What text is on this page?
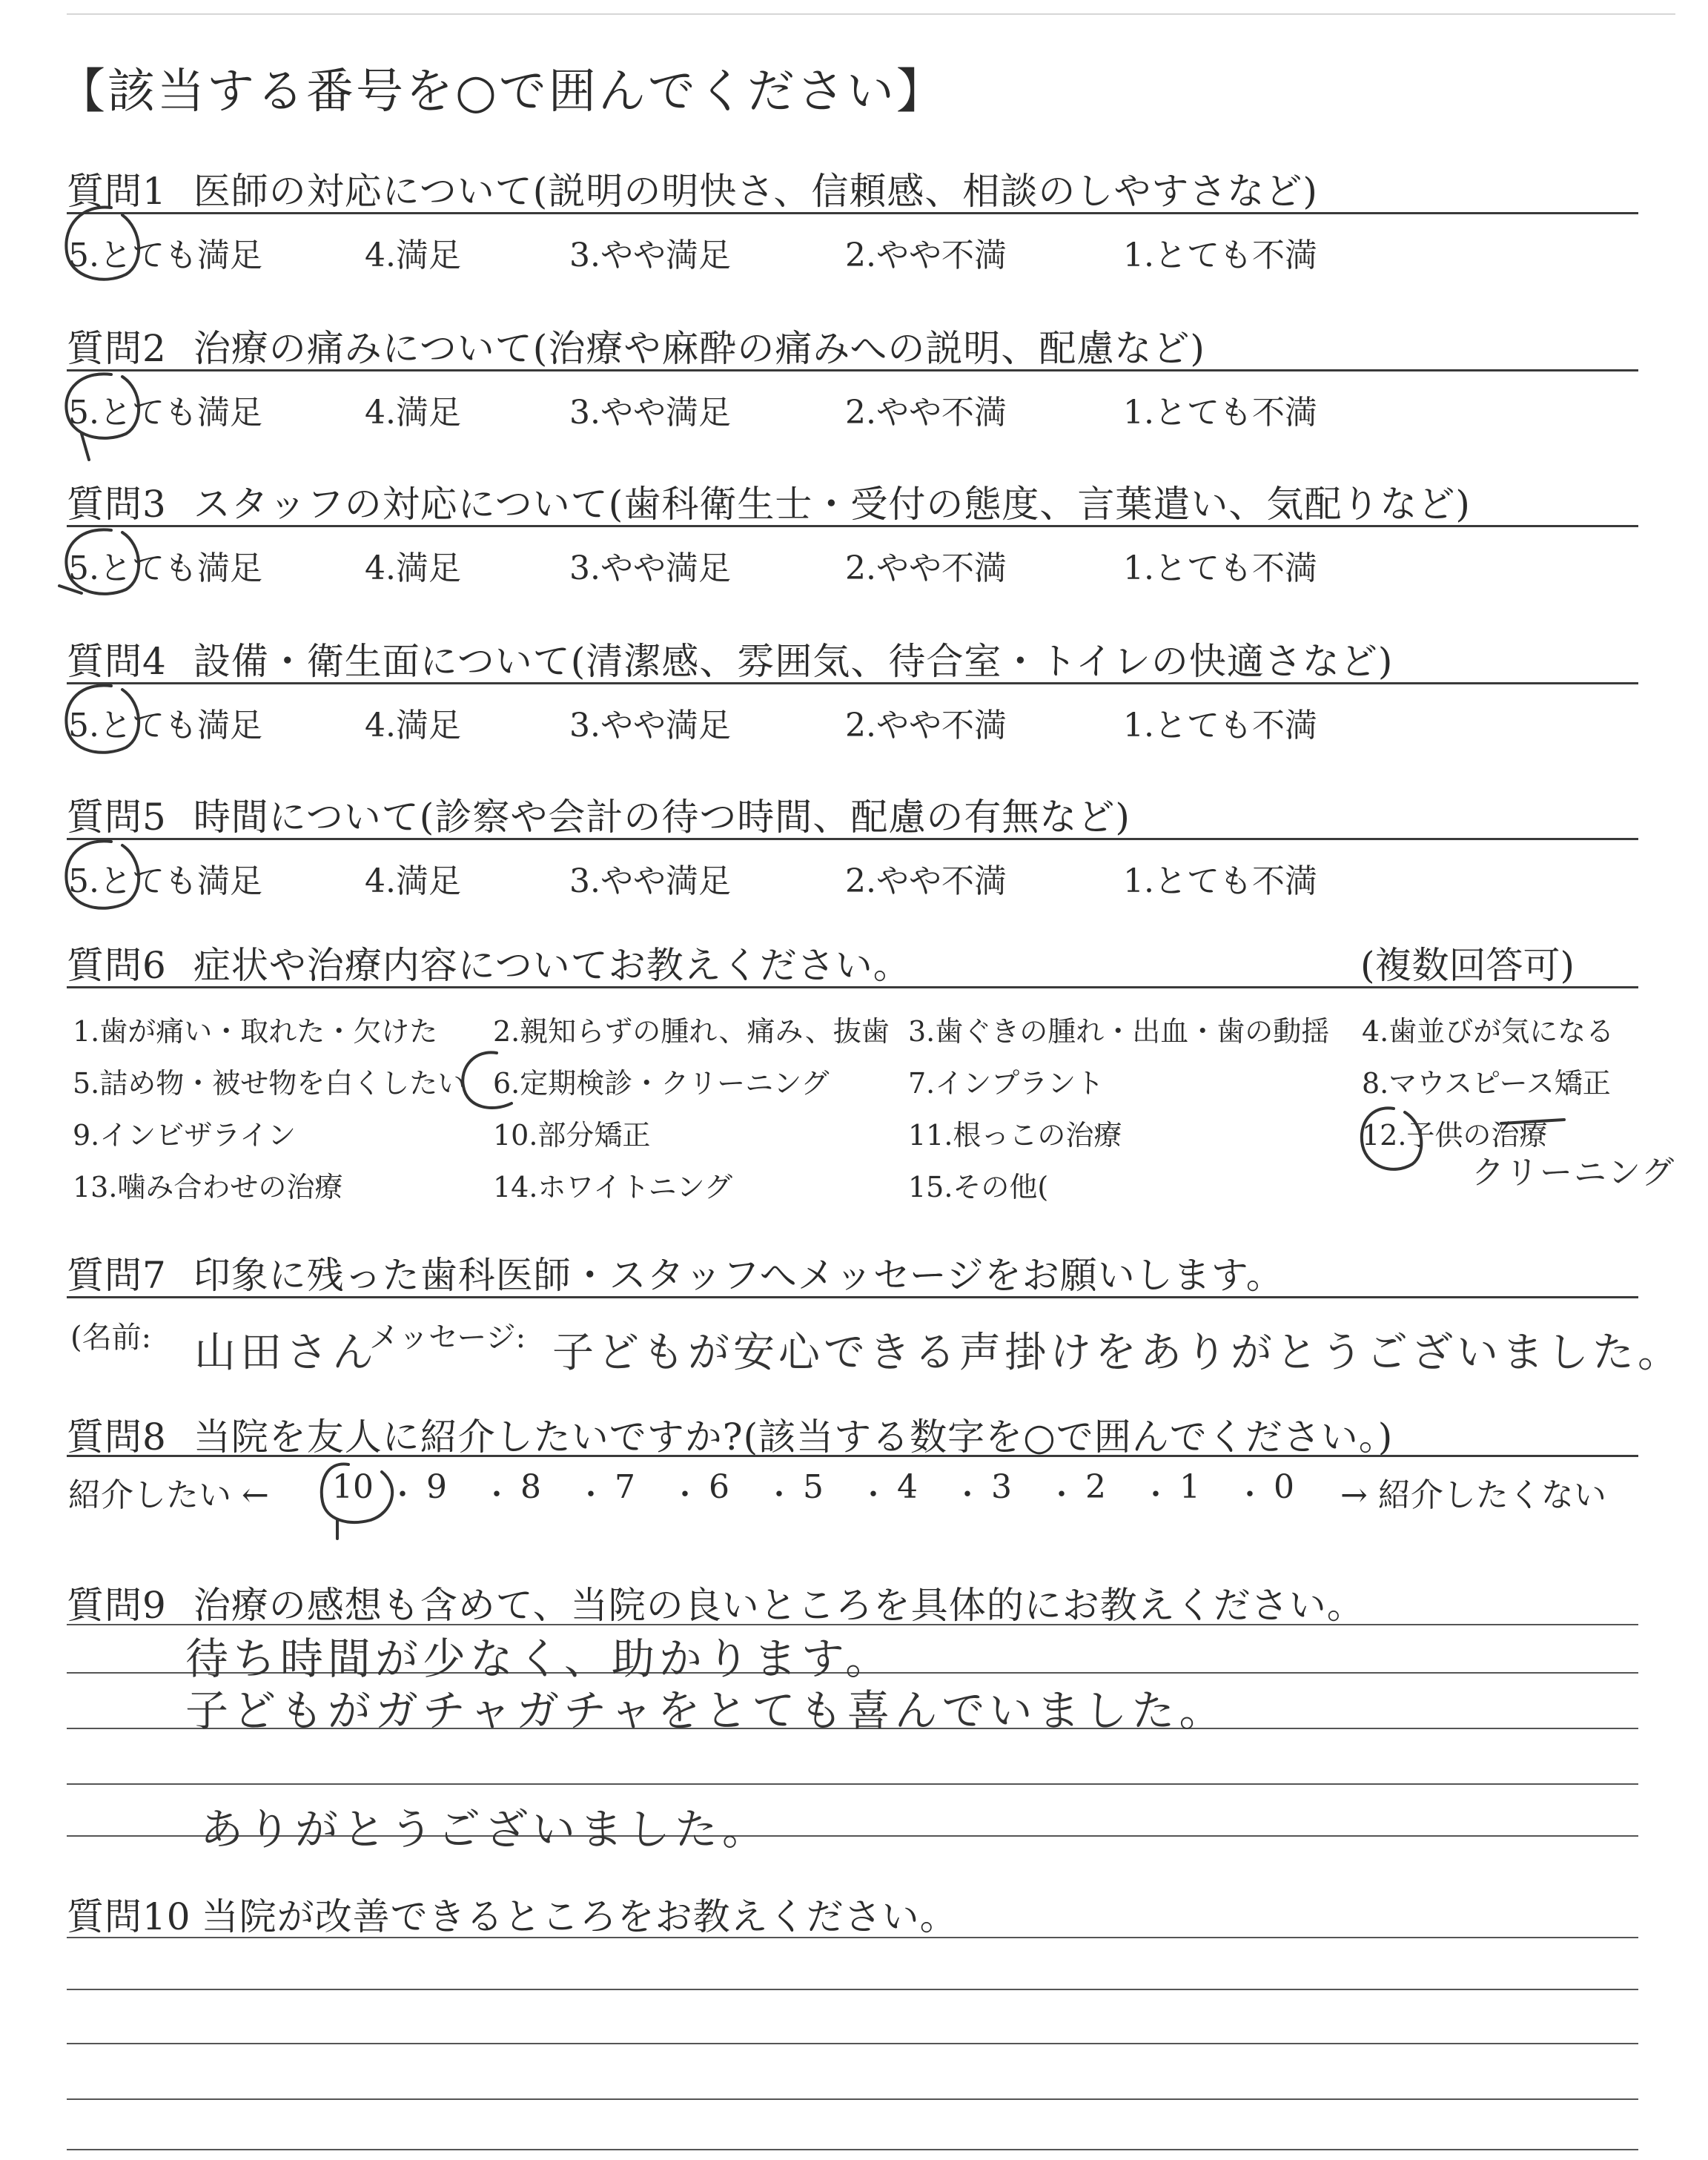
【該当する番号を○で囲んでください】
質問1 医師の対応について(説明の明快さ、信頼感、相談のしやすさなど)
5.とても満足	4.満足	3.やや満足	2.やや不満	1.とても不満
質問2 治療の痛みについて(治療や麻酔の痛みへの説明、配慮など)
5.とても満足	4.満足	3.やや満足	2.やや不満	1.とても不満
質問3 スタッフの対応について(歯科衛生士・受付の態度、言葉遣い、気配りなど)
5.とても満足	4.満足	3.やや満足	2.やや不満	1.とても不満
質問4 設備・衛生面について(清潔感、雰囲気、待合室・トイレの快適さなど)
5.とても満足	4.満足	3.やや満足	2.やや不満	1.とても不満
質問5 時間について(診察や会計の待つ時間、配慮の有無など)
5.とても満足	4.満足	3.やや満足	2.やや不満	1.とても不満
質問6 症状や治療内容についてお教えください。	(複数回答可)
1.歯が痛い・取れた・欠けた 2.親知らずの腫れ、痛み、抜歯 3.歯ぐきの腫れ・出血・歯の動揺 4.歯並びが気になる
5.詰め物・被せ物を白くしたい 6.定期検診・クリーニング	7.インプラント	8.マウスピース矯正
9.インビザライン	10.部分矯正	11.根っこの治療	12.子供の治療
13.噛み合わせの治療	14.ホワイトニング	15.その他(	クリーニング
質問7 印象に残った歯科医師・スタッフへメッセージをお願いします。
(名前: 山田さん
メッセージ: 子どもが安心できる声掛けをありがとうございました。
質問8 当院を友人に紹介したいですか?(該当する数字を○で囲んでください。)
紹介したい ← 10 ・ 9 ・ 8 ・ 7 ・ 6 ・ 5 ・ 4 ・ 3 ・ 2 ・ 1 ・ 0 → 紹介したくない
質問9 治療の感想も含めて、当院の良いところを具体的にお教えください。
待ち時間が少なく、助かります。
子どもがガチャガチャをとても喜んでいました。
ありがとうございました。
質問10 当院が改善できるところをお教えください。
